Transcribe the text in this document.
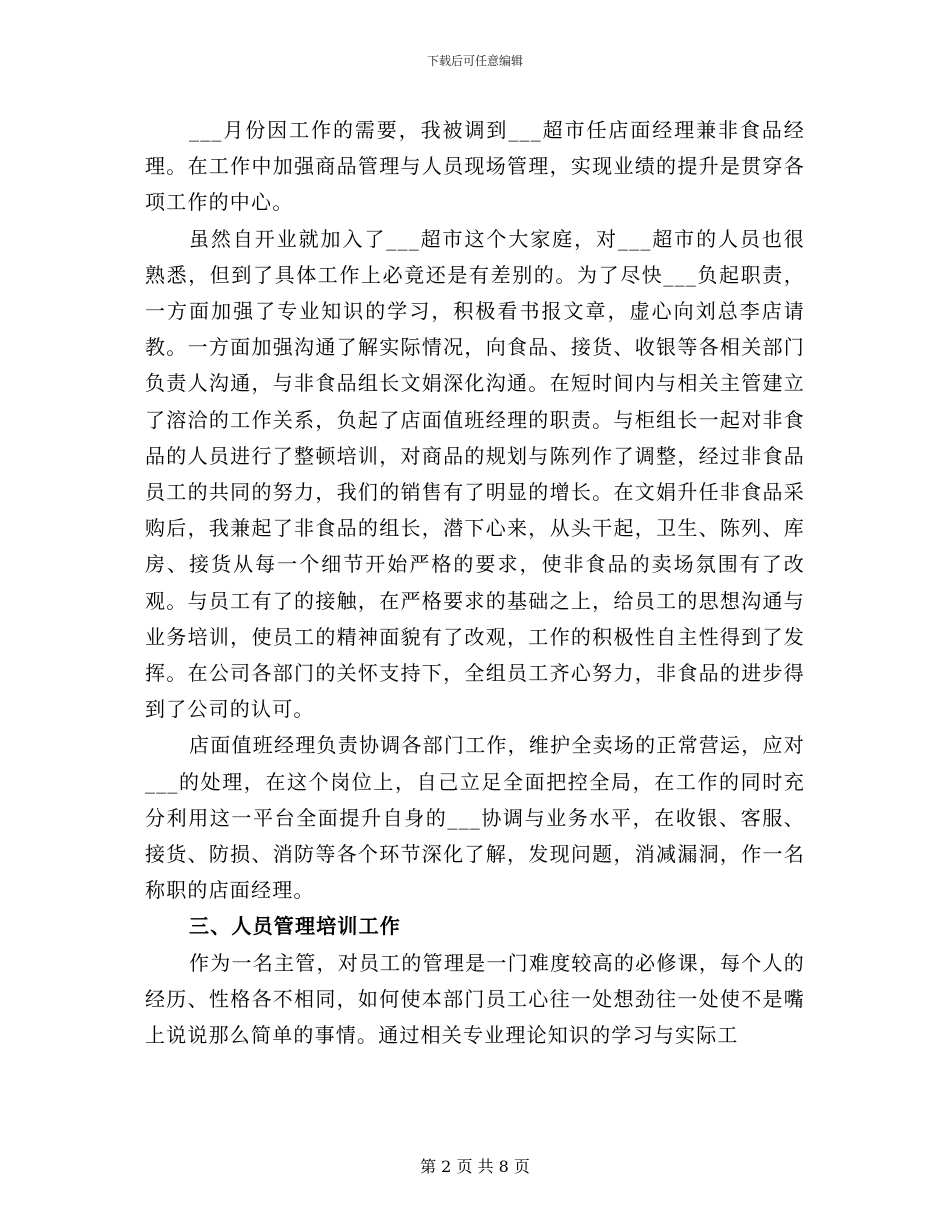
下载后可任意编辑

___月份因工作的需要，我被调到___超市任店面经理兼非食品经理。在工作中加强商品管理与人员现场管理，实现业绩的提升是贯穿各项工作的中心。

虽然自开业就加入了___超市这个大家庭，对___超市的人员也很熟悉，但到了具体工作上必竟还是有差别的。为了尽快___负起职责，一方面加强了专业知识的学习，积极看书报文章，虚心向刘总李店请教。一方面加强沟通了解实际情况，向食品、接货、收银等各相关部门负责人沟通，与非食品组长文娟深化沟通。在短时间内与相关主管建立了溶洽的工作关系，负起了店面值班经理的职责。与柜组长一起对非食品的人员进行了整顿培训，对商品的规划与陈列作了调整，经过非食品员工的共同的努力，我们的销售有了明显的增长。在文娟升任非食品采购后，我兼起了非食品的组长，潜下心来，从头干起，卫生、陈列、库房、接货从每一个细节开始严格的要求，使非食品的卖场氛围有了改观。与员工有了的接触，在严格要求的基础之上，给员工的思想沟通与业务培训，使员工的精神面貌有了改观，工作的积极性自主性得到了发挥。在公司各部门的关怀支持下，全组员工齐心努力，非食品的进步得到了公司的认可。

店面值班经理负责协调各部门工作，维护全卖场的正常营运，应对___的处理，在这个岗位上，自己立足全面把控全局，在工作的同时充分利用这一平台全面提升自身的___协调与业务水平，在收银、客服、接货、防损、消防等各个环节深化了解，发现问题，消减漏洞，作一名称职的店面经理。

三、人员管理培训工作

作为一名主管，对员工的管理是一门难度较高的必修课，每个人的经历、性格各不相同，如何使本部门员工心往一处想劲往一处使不是嘴上说说那么简单的事情。通过相关专业理论知识的学习与实际工

第 2 页 共 8 页
